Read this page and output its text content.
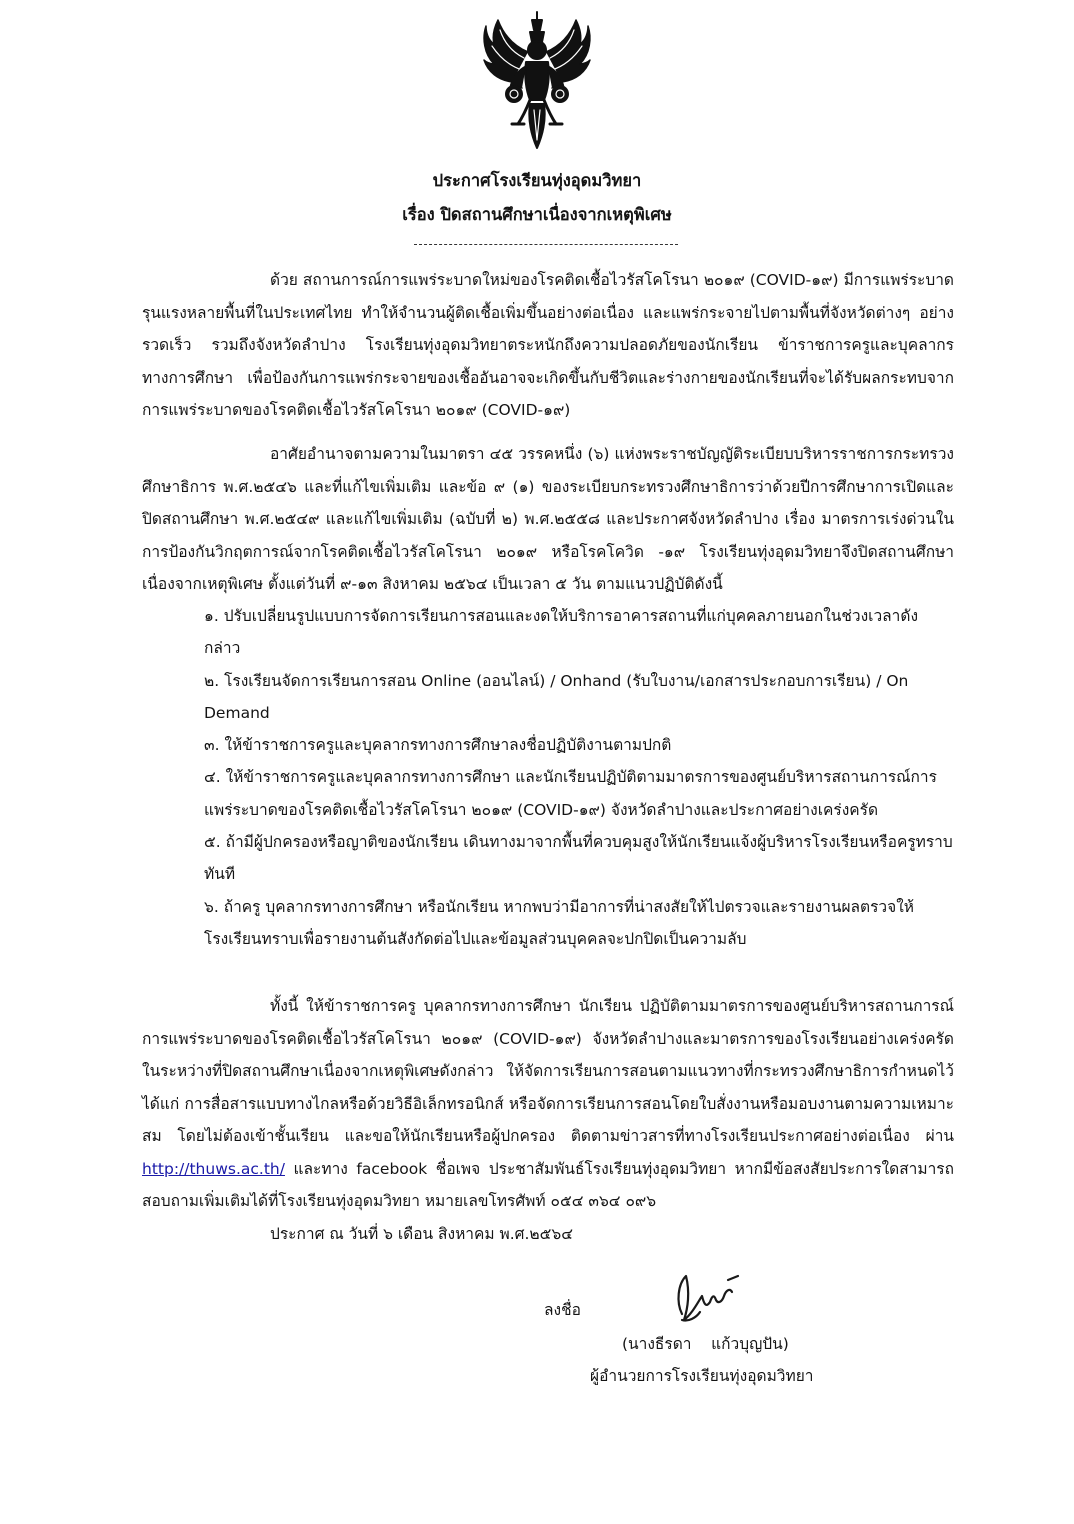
ประกาศโรงเรียนทุ่งอุดมวิทยา
เรื่อง ปิดสถานศึกษาเนื่องจากเหตุพิเศษ
ด้วย สถานการณ์การแพร่ระบาดใหม่ของโรคติดเชื้อไวรัสโคโรนา ๒๐๑๙ (COVID-๑๙) มีการแพร่ระบาดรุนแรงหลายพื้นที่ในประเทศไทย ทำให้จำนวนผู้ติดเชื้อเพิ่มขึ้นอย่างต่อเนื่อง และแพร่กระจายไปตามพื้นที่จังหวัดต่างๆ อย่างรวดเร็ว รวมถึงจังหวัดลำปาง โรงเรียนทุ่งอุดมวิทยาตระหนักถึงความปลอดภัยของนักเรียน ข้าราชการครูและบุคลากรทางการศึกษา เพื่อป้องกันการแพร่กระจายของเชื้ออันอาจจะเกิดขึ้นกับชีวิตและร่างกายของนักเรียนที่จะได้รับผลกระทบจากการแพร่ระบาดของโรคติดเชื้อไวรัสโคโรนา ๒๐๑๙ (COVID-๑๙)
อาศัยอำนาจตามความในมาตรา ๔๕ วรรคหนึ่ง (๖) แห่งพระราชบัญญัติระเบียบบริหารราชการกระทรวงศึกษาธิการ พ.ศ.๒๕๔๖ และที่แก้ไขเพิ่มเติม และข้อ ๙ (๑) ของระเบียบกระทรวงศึกษาธิการว่าด้วยปีการศึกษาการเปิดและปิดสถานศึกษา พ.ศ.๒๕๔๙ และแก้ไขเพิ่มเติม (ฉบับที่ ๒) พ.ศ.๒๕๕๘ และประกาศจังหวัดลำปาง เรื่อง มาตรการเร่งด่วนในการป้องกันวิกฤตการณ์จากโรคติดเชื้อไวรัสโคโรนา ๒๐๑๙ หรือโรคโควิด -๑๙ โรงเรียนทุ่งอุดมวิทยาจึงปิดสถานศึกษาเนื่องจากเหตุพิเศษ ตั้งแต่วันที่ ๙-๑๓ สิงหาคม ๒๕๖๔ เป็นเวลา ๕ วัน ตามแนวปฏิบัติดังนี้
๑. ปรับเปลี่ยนรูปแบบการจัดการเรียนการสอนและงดให้บริการอาคารสถานที่แก่บุคคลภายนอกในช่วงเวลาดังกล่าว
๒. โรงเรียนจัดการเรียนการสอน Online (ออนไลน์) / Onhand (รับใบงาน/เอกสารประกอบการเรียน) / On Demand
๓. ให้ข้าราชการครูและบุคลากรทางการศึกษาลงชื่อปฏิบัติงานตามปกติ
๔. ให้ข้าราชการครูและบุคลากรทางการศึกษา และนักเรียนปฏิบัติตามมาตรการของศูนย์บริหารสถานการณ์การแพร่ระบาดของโรคติดเชื้อไวรัสโคโรนา ๒๐๑๙ (COVID-๑๙) จังหวัดลำปางและประกาศอย่างเคร่งครัด
๕. ถ้ามีผู้ปกครองหรือญาติของนักเรียน เดินทางมาจากพื้นที่ควบคุมสูงให้นักเรียนแจ้งผู้บริหารโรงเรียนหรือครูทราบทันที
๖. ถ้าครู บุคลากรทางการศึกษา หรือนักเรียน หากพบว่ามีอาการที่น่าสงสัยให้ไปตรวจและรายงานผลตรวจให้โรงเรียนทราบเพื่อรายงานต้นสังกัดต่อไปและข้อมูลส่วนบุคคลจะปกปิดเป็นความลับ
ทั้งนี้ ให้ข้าราชการครู บุคลากรทางการศึกษา นักเรียน ปฏิบัติตามมาตรการของศูนย์บริหารสถานการณ์การแพร่ระบาดของโรคติดเชื้อไวรัสโคโรนา ๒๐๑๙ (COVID-๑๙) จังหวัดลำปางและมาตรการของโรงเรียนอย่างเคร่งครัดในระหว่างที่ปิดสถานศึกษาเนื่องจากเหตุพิเศษดังกล่าว ให้จัดการเรียนการสอนตามแนวทางที่กระทรวงศึกษาธิการกำหนดไว้ได้แก่ การสื่อสารแบบทางไกลหรือด้วยวิธีอิเล็กทรอนิกส์ หรือจัดการเรียนการสอนโดยใบสั่งงานหรือมอบงานตามความเหมาะสม โดยไม่ต้องเข้าชั้นเรียน และขอให้นักเรียนหรือผู้ปกครอง ติดตามข่าวสารที่ทางโรงเรียนประกาศอย่างต่อเนื่อง ผ่าน http://thuws.ac.th/ และทาง facebook ชื่อเพจ ประชาสัมพันธ์โรงเรียนทุ่งอุดมวิทยา หากมีข้อสงสัยประการใดสามารถสอบถามเพิ่มเติมได้ที่โรงเรียนทุ่งอุดมวิทยา หมายเลขโทรศัพท์ ๐๕๔ ๓๖๔ ๐๙๖
ประกาศ ณ วันที่ ๖ เดือน สิงหาคม พ.ศ.๒๕๖๔
ลงชื่อ
(นางธีรดา    แก้วบุญปัน)
ผู้อำนวยการโรงเรียนทุ่งอุดมวิทยา
